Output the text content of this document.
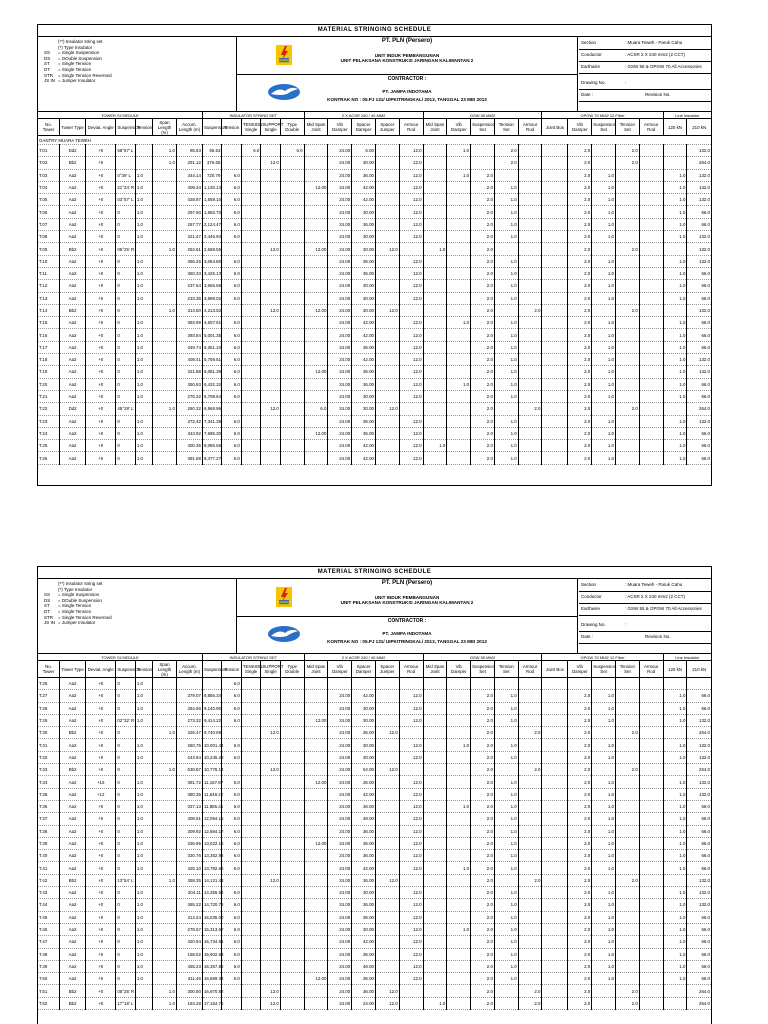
MATERIAL STRINGING SCHEDULE
(**) Insulator string set
(*) Type Insulator
SS = Single Suspension
DS = DOuble Suspension
ST = Single Tension
DT = Single Tension
STR = Single Tension Reversed
JS IN = Jumper Insulator
PT. PLN (Persero)
UNIT INDUK PEMBANGUNAN
UNIT PELAKSANA KONSTRUKSI JARINGAN KALIMANTAN 2
CONTRACTOR :
PT. JAMPA INDOTAMA
KONTRAK NO : 05.PJ 131/ UIPKITRINGKAL/ 2013, TANGGAL 23 MEI 2013
Section	: Muara Teweh - Paruk Cahu
Conductor	: ACSR 2 X 240 mm2 (2 CCT)
Earthwire	: GSW 55 & OPGW 70 All Accessories
Drawing No.	:
Date :	Revision No.
TOWER SCHEDULE							INSULATOR STRING SET					2 X ACSR 240 / 40 MM2					GSW 55 MM2					OPGW 70 MM2 12 Fiber					Line Insulator	
No. Tower	Tower Type	Deviat. Angle	Suspension	Tension	Span Length (m)	Accum. Length (m)	Suspension	Tension	TENSION Single	SUPPORT Single	Type Double	Mid Span Joint	Vib Damper	Spacer Damper	Spacer Jumper	Armour Rod	Mid Span Joint	Vib Damper	Suspension Set	Tension Set	Armour Rod	Joint Box	Vib Damper	Suspension Set	Tension Set	Armour Rod	120 kN	210 kN
GANTRY MUARA TEWEH																												
T.01	Dd2	+0	58°57' L		1.0	95.53	95.53		6.0		6.0		24.00	6.00		12.0		1.0		2.0			2.0		2.0			132.0
T.02	Bb2	+0			1.0	291.12	376.65			12.0			24.00	30.00		12.0				2.0			2.0		2.0			264.0
T.03	Aa2	+0	0°39' L	1.0		344.14	720.79	6.0					24.00	36.00		12.0		1.0	2.0				2.0	1.0			1.0	132.0
T.04	Aa2	+0	21°24' R	1.0		409.34	1,130.13	6.0				12.00	24.00	42.00		12.0			2.0	1.0			2.0	1.0			1.0	132.0
T.05	Aa2	+0	03°57' L	1.0		428.97	1,559.10	6.0					24.00	42.00		12.0			2.0	1.0			2.0	1.0			1.0	132.0
T.06	Aa2	+0	0	1.0		297.60	1,856.70	6.0					24.00	30.00		12.0			2.0	1.0			2.0	1.0			1.0	66.0
T.07	Aa2	+0	0	1.0		267.77	2,124.47	6.0					24.00	36.00		12.0			2.0	1.0			2.0	1.0			1.0	66.0
T.08	Aa2	+0	0	1.0		321.47	2,445.94	6.0					24.00	30.00		12.0			2.0	1.0			2.0	1.0			1.0	132.0
T.09	Bb2	+0	05°25' R		1.0	252.61	2,698.55			12.0		12.00	24.00	30.00	12.0		1.0		2.0				2.0		2.0			132.0
T.10	Aa2	+0	0	1.0		366.25	3,064.80	6.0					24.00	36.00		12.0			2.0	1.0			2.0	1.0			1.0	132.0
T.11	Aa2	+0	0	1.0		360.33	3,425.13	6.0					24.00	36.00		12.0			2.0	1.0			2.0	1.0			1.0	66.0
T.12	Aa2	+0	0	1.0		237.54	3,665.66	6.0					24.00	30.00		12.0			2.0	1.0			2.0	1.0			1.0	66.0
T.13	Aa2	+0	0	1.0		233.36	3,899.02	6.0					24.00	30.00		12.0			2.0	1.0			2.0	1.0			1.0	66.0
T.14	Bb2	+0	0		1.0	314.50	4,213.52			12.0		12.00	24.00	30.00	12.0				2.0		2.0		2.0		2.0			132.0
T.15	Aa2	+0	0	1.0		393.99	4,607.51	6.0					24.00	42.00		12.0		1.0	2.0	1.0			2.0	1.0			1.0	66.0
T.16	Aa2	+0	0	1.0		393.84	5,001.35	6.0					24.00	42.00		12.0			2.0	1.0			2.0	1.0			1.0	66.0
T.17	Aa2	+0	0	1.0		349.74	5,351.10	6.0					24.00	36.00		12.0			2.0	1.0			2.0	1.0			1.0	66.0
T.18	Aa2	+0	0	1.0		408.41	5,759.51	6.0					24.00	42.00		12.0			2.0	1.0			2.0	1.0			1.0	132.0
T.19	Aa2	+0	0	1.0		321.88	6,081.39	6.0				12.00	24.00	36.00		12.0			2.0	1.0			2.0	1.0			1.0	132.0
T.20	Aa2	+0	0	1.0		350.93	6,432.32	6.0					24.00	36.00		12.0		1.0	2.0	1.0			2.0	1.0			1.0	66.0
T.21	Aa2	+0	0	1.0		276.32	6,708.64	6.0					24.00	30.00		12.0			2.0	1.0			2.0	1.0			1.0	66.0
T.22	Dd2	+0	45°28' L		1.0	260.32	6,968.96			12.0		6.0	24.00	30.00	12.0				2.0		2.0		2.0		2.0			264.0
T.23	Aa2	+0	0	1.0		372.42	7,341.39	6.0					24.00	36.00		12.0			2.0	1.0			2.0	1.0			1.0	132.0
T.24	Aa2	+0	0	1.0		343.92	7,685.30	6.0				12.00	24.00	36.00		12.0			2.0	1.0			2.0	1.0			1.0	66.0
T.25	Aa2	+0	0	1.0		400.35	8,085.65	6.0					24.00	42.00		12.0	1.0		2.0	1.0			2.0	1.0			1.0	66.0
T.26	Aa2	+0	0	1.0		391.58	8,477.27	6.0					24.00	42.00		12.0			2.0	1.0			2.0	1.0			1.0	66.0
MATERIAL STRINGING SCHEDULE
(**) Insulator string set
(*) Type Insulator
SS = Single Suspension
DS = DOuble Suspension
ST = Single Tension
DT = Single Tension
STR = Single Tension Reversed
JS IN = Jumper Insulator
PT. PLN (Persero)
UNIT INDUK PEMBANGUNAN
UNIT PELAKSANA KONSTRUKSI JARINGAN KALIMANTAN 2
CONTRACTOR :
PT. JAMPA INDOTAMA
KONTRAK NO : 05.PJ 131/ UIPKITRINGKAL/ 2013, TANGGAL 23 MEI 2013
Section	: Muara Teweh - Paruk Cahu
Conductor	: ACSR 2 X 240 mm2 (2 CCT)
Earthwire	: GSW 55 & OPGW 70 All Accessories
Drawing No.	:
Date :	Revision No.
TOWER SCHEDULE							INSULATOR STRING SET					2 X ACSR 240 / 40 MM2					GSW 55 MM2					OPGW 70 MM2 12 Fiber					Line Insulator	
No. Tower	Tower Type	Deviat. Angle	Suspension	Tension	Span Length (m)	Accum. Length (m)	Suspension	Tension	TENSION Single	SUPPORT Single	Type Double	Mid Span Joint	Vib Damper	Spacer Damper	Spacer Jumper	Armour Rod	Mid Span Joint	Vib Damper	Suspension Set	Tension Set	Armour Rod	Joint Box	Vib Damper	Suspension Set	Tension Set	Armour Rod	120 kN	210 kN
T.26	Aa2	+0	0	1.0				6.0																				
T.27	Aa2	+0	0	1.0		379.07	8,856.34	6.0					24.00	42.00		12.0			2.0	1.0			2.0	1.0			1.0	66.0
T.28	Aa2	+0	0	1.0		284.56	9,140.90	6.0					24.00	30.00		12.0			2.0	1.0			2.0	1.0			1.0	66.0
T.29	Aa2	+0	02°32' R	1.0		273.32	9,414.22	6.0				12.00	24.00	30.00		12.0			2.0	1.0			2.0	1.0			1.0	132.0
T.30	Bb2	+0	0		1.0	326.47	9,740.69			12.0			24.00	36.00	12.0				2.0		2.0		2.0		2.0			264.0
T.31	Aa2	+0	0	1.0		260.75	10,001.44	6.0					24.00	30.00		12.0		1.0	2.0	1.0			2.0	1.0			1.0	132.0
T.32	Aa2	+0	0	1.0		243.84	10,245.28	6.0					24.00	30.00		12.0			2.0	1.0			2.0	1.0			1.0	132.0
T.33	Bb2	+0	0		1.0	530.87	10,776.14			12.0			24.00	54.00	12.0				2.0		2.0		2.0		2.0			264.0
T.34	Aa2	+15	0	1.0		391.72	11,167.87	6.0				12.00	24.00	36.00		12.0			2.0	1.0			2.0	1.0			1.0	132.0
T.35	Aa2	+12	0	1.0		380.35	11,548.22	6.0					24.00	42.00		12.0			2.0	1.0			2.0	1.0			1.0	132.0
T.36	Aa2	+0	0	1.0		337.13	11,885.35	6.0					24.00	36.00		12.0		1.0	2.0	1.0			2.0	1.0			1.0	66.0
T.37	Aa2	+0	0	1.0		408.51	12,094.15	6.0					24.00	48.00		12.0			2.0	1.0			2.0	1.0			1.0	66.0
T.38	Aa2	+0	0	1.0		309.92	12,684.17	6.0					24.00	36.00		12.0			2.0	1.0			2.0	1.0			1.0	66.0
T.39	Aa2	+0	0	1.0		336.95	13,022.16	6.0				12.00	24.00	36.00		12.0			2.0	1.0			2.0	1.0			1.0	66.0
T.40	Aa2	+0	0	1.0		330.76	13,352.92	6.0					24.00	36.00		12.0			2.0	1.0			2.0	1.0			1.0	66.0
T.41	Aa2	+0	0	1.0		426.10	13,792.65	6.0					24.00	42.00		12.0		1.0	2.0	1.0			2.0	1.0			1.0	66.0
T.42	Bb2	+0	13°54' L		1.0	358.35	14,121.43			12.0			24.00	36.00	12.0				2.0		2.0		2.0		2.0			132.0
T.43	Aa2	+0	0	1.0		204.11	14,355.54	6.0					24.00	30.00		12.0			2.0	1.0			2.0	1.0			1.0	132.0
T.44	Aa2	+0	0	1.0		365.22	14,720.76	6.0					24.00	36.00		12.0			2.0	1.0			2.0	1.0			1.0	132.0
T.45	Aa2	+0	0	1.0		314.24	15,035.00	6.0					24.00	36.00		12.0			2.0	1.0			2.0	1.0			1.0	66.0
T.46	Aa2	+0	0	1.0		278.67	15,313.67	6.0					24.00	30.00		12.0		1.0	2.0	1.0			2.0	1.0			1.0	66.0
T.47	Aa2	+0	0	1.0		420.94	15,734.61	6.0					24.00	42.00		12.0			2.0	1.0			2.0	1.0			1.0	66.0
T.48	Aa2	+0	0	1.0		168.02	15,902.63	6.0					24.00	36.00		12.0			2.0	1.0			2.0	1.0			1.0	66.0
T.49	Aa2	+0	0	1.0		455.23	16,357.86	6.0					24.00	48.00		12.0			2.0	1.0			2.0	1.0			1.0	66.0
T.50	Aa2	+0	0	1.0		311.46	16,669.32	6.0				12.00	24.00	36.00		12.0			2.0	1.0			2.0	1.0			1.0	66.0
T.51	Bb2	+0	05°25' R		1.0	300.50	16,970.82			12.0			24.00	36.00	12.0				2.0		2.0		2.0		2.0			264.0
T.52	Bb2	+0	17°18' L		1.0	184.28	17,154.76			12.0			24.00	24.00	12.0		1.0		2.0		2.0		2.0		2.0			264.0
